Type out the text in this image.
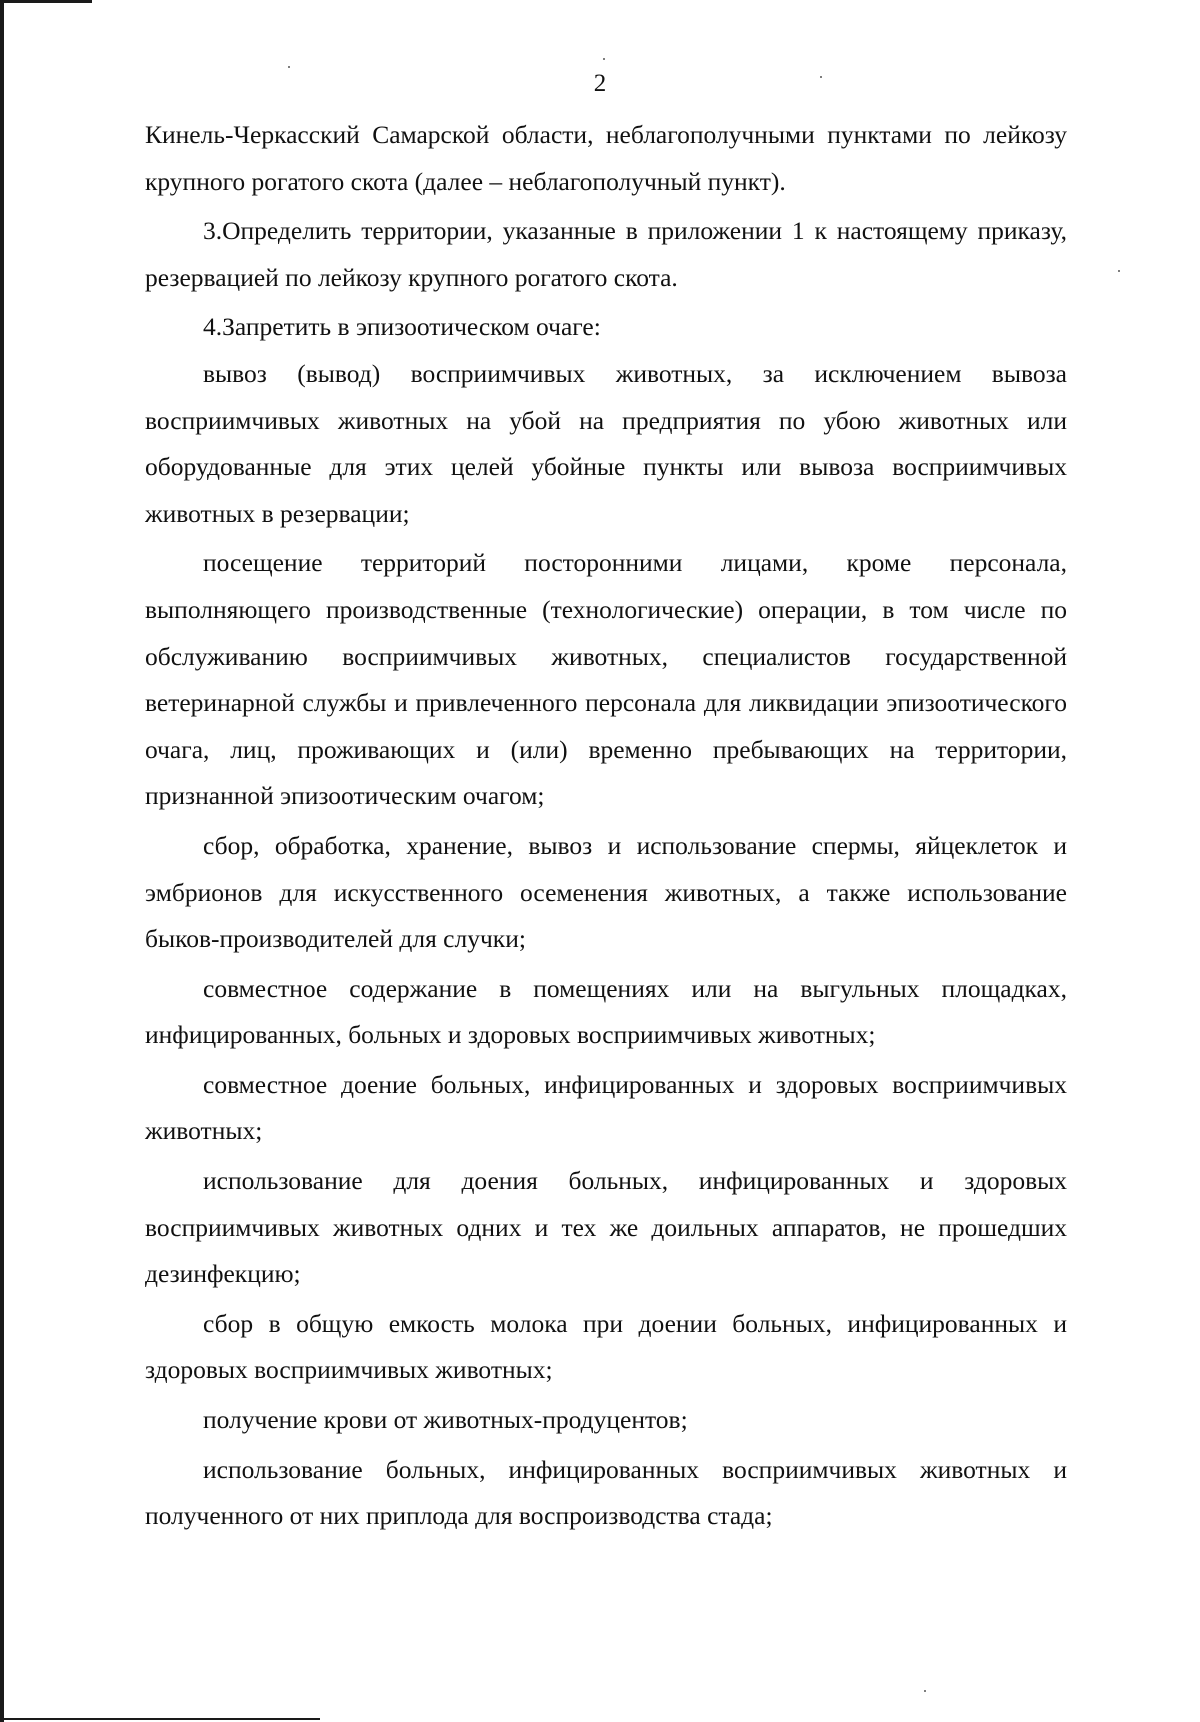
2

Кинель-Черкасский Самарской области, неблагополучными пунктами по лейкозу крупного рогатого скота (далее – неблагополучный пункт).

3.Определить территории, указанные в приложении 1 к настоящему приказу, резервацией по лейкозу крупного рогатого скота.

4.Запретить в эпизоотическом очаге:

вывоз (вывод) восприимчивых животных, за исключением вывоза восприимчивых животных на убой на предприятия по убою животных или оборудованные для этих целей убойные пункты или вывоза восприимчивых животных в резервации;

посещение территорий посторонними лицами, кроме персонала, выполняющего производственные (технологические) операции, в том числе по обслуживанию восприимчивых животных, специалистов государственной ветеринарной службы и привлеченного персонала для ликвидации эпизоотического очага, лиц, проживающих и (или) временно пребывающих на территории, признанной эпизоотическим очагом;

сбор, обработка, хранение, вывоз и использование спермы, яйцеклеток и эмбрионов для искусственного осеменения животных, а также использование быков-производителей для случки;

совместное содержание в помещениях или на выгульных площадках, инфицированных, больных и здоровых восприимчивых животных;

совместное доение больных, инфицированных и здоровых восприимчивых животных;

использование для доения больных, инфицированных и здоровых восприимчивых животных одних и тех же доильных аппаратов, не прошедших дезинфекцию;

сбор в общую емкость молока при доении больных, инфицированных и здоровых восприимчивых животных;

получение крови от животных-продуцентов;

использование больных, инфицированных восприимчивых животных и полученного от них приплода для воспроизводства стада;
